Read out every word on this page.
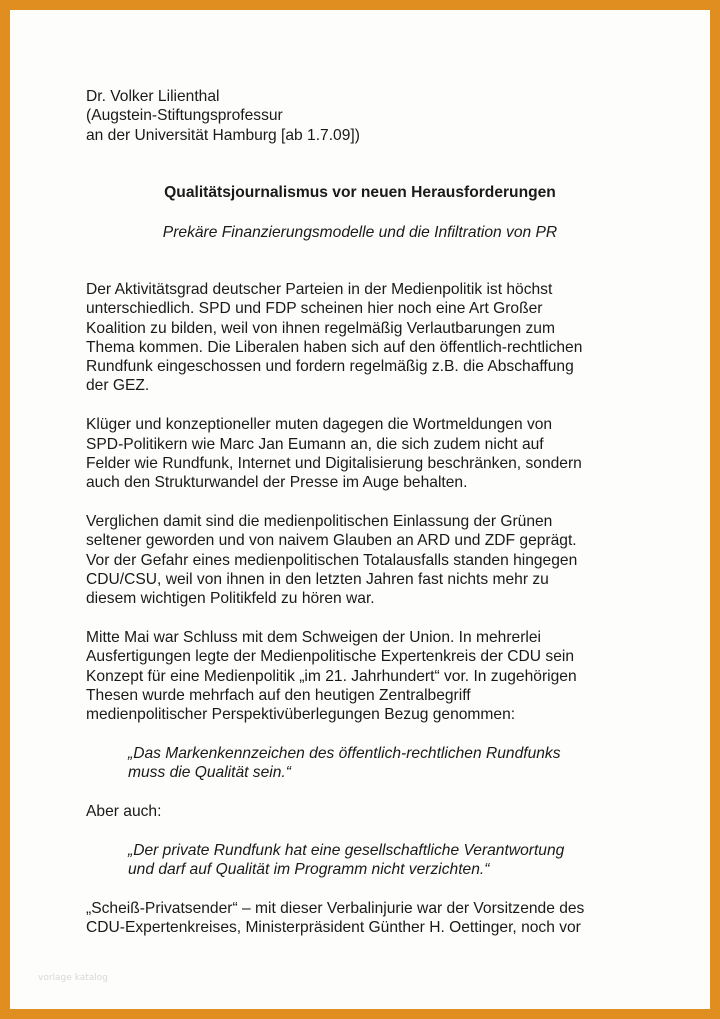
Dr. Volker Lilienthal
(Augstein-Stiftungsprofessur
an der Universität Hamburg [ab 1.7.09])
Qualitätsjournalismus vor neuen Herausforderungen
Prekäre Finanzierungsmodelle und die Infiltration von PR

Der Aktivitätsgrad deutscher Parteien in der Medienpolitik ist höchst
unterschiedlich. SPD und FDP scheinen hier noch eine Art Großer
Koalition zu bilden, weil von ihnen regelmäßig Verlautbarungen zum
Thema kommen. Die Liberalen haben sich auf den öffentlich-rechtlichen
Rundfunk eingeschossen und fordern regelmäßig z.B. die Abschaffung
der GEZ.

Klüger und konzeptioneller muten dagegen die Wortmeldungen von
SPD-Politikern wie Marc Jan Eumann an, die sich zudem nicht auf
Felder wie Rundfunk, Internet und Digitalisierung beschränken, sondern
auch den Strukturwandel der Presse im Auge behalten.

Verglichen damit sind die medienpolitischen Einlassung der Grünen
seltener geworden und von naivem Glauben an ARD und ZDF geprägt.
Vor der Gefahr eines medienpolitischen Totalausfalls standen hingegen
CDU/CSU, weil von ihnen in den letzten Jahren fast nichts mehr zu
diesem wichtigen Politikfeld zu hören war.

Mitte Mai war Schluss mit dem Schweigen der Union. In mehrerlei
Ausfertigungen legte der Medienpolitische Expertenkreis der CDU sein
Konzept für eine Medienpolitik „im 21. Jahrhundert“ vor. In zugehörigen
Thesen wurde mehrfach auf den heutigen Zentralbegriff
medienpolitischer Perspektivüberlegungen Bezug genommen:

„Das Markenkennzeichen des öffentlich-rechtlichen Rundfunks
muss die Qualität sein.“

Aber auch:

„Der private Rundfunk hat eine gesellschaftliche Verantwortung
und darf auf Qualität im Programm nicht verzichten.“

„Scheiß-Privatsender“ – mit dieser Verbalinjurie war der Vorsitzende des
CDU-Expertenkreises, Ministerpräsident Günther H. Oettinger, noch vor

vorlage katalog
